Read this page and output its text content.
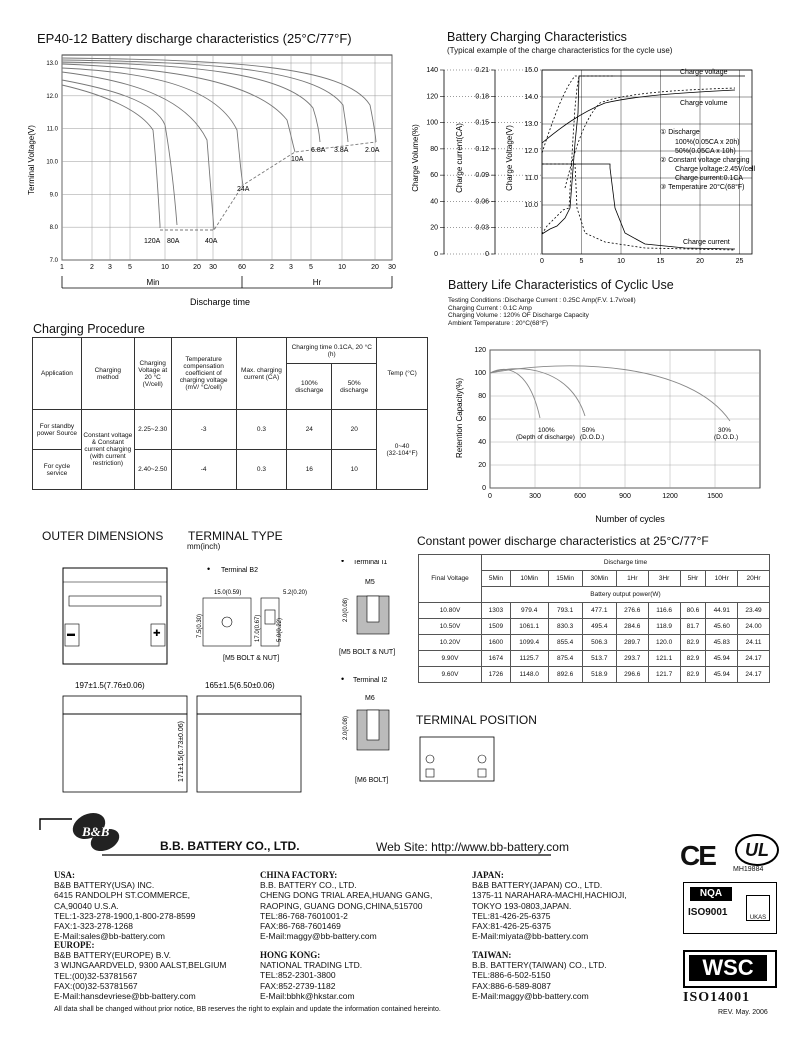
EP40-12 Battery discharge characteristics (25°C/77°F)
Terminal Voltage(V)
13.0
12.0
11.0
10.0
9.0
8.0
7.0
1	2 3 5	10	20 30	60	2 3 5	10	20 30
120A 80A	40A
24A
10A
6.8A 3.8A 2.0A
Min	Hr
Discharge time
Battery Charging Characteristics
(Typical example of the charge characteristics for the cycle use)
Charge Volume(%)	Charge current(CA)	Charge Voltage(V)
140	0.21
120	0.18
100	0.15
80	0.12
60	0.09
40	0.06
20	0.03
0	0
15.0
14.0
13.0
12.0
11.0
10.0
0	5	10	15	20	25
Charge voltage
Charge volume
Charge current
① Discharge
100%(0.05CA x 20h)
50%(0.05CA x 10h)
② Constant voltage charging
Charge voltage:2.45V/cell
Charge current:0.1CA
③ Temperature 20°C(68°F)
Battery Life Characteristics of Cyclic Use
Testing Conditions :Discharge Current : 0.25C Amp(F.V. 1.7v/cell)
Charging Current : 0.1C Amp
Charging Volume : 120% OF Discharge Capacity
Ambient Temperature : 20°C(68°F)
Retention Capacity(%)
120
100
80
60
40
20
0
0	300	600	900	1200	1500
100%
(Depth of discharge)
50%
(D.O.D.)
30%
(D.O.D.)
Number of cycles
Charging Procedure
Application	Charging method	Charging Voltage at 20 °C (V/cell)	Temperature compensation coefficient of charging voltage (mV/ °C/cell)	Max. charging current (CA)	Charging time 0.1CA, 20 °C (h)		Temp (°C)
					100% discharge	50% discharge	
For standby power Source	Constant voltage & Constant current charging (with current restriction)	2.25~2.30	-3	0.3	24	20	0~40
(32-104°F)

For cycle service		2.40~2.50	-4	0.3	16	10	
OUTER DIMENSIONS TERMINAL TYPE
mm(inch)
▬	✚
• Terminal B2
15.0(0.59)	5.2(0.20)
7.5(0.30)	17.0(0.67)	5.0(0.22)
[M5 BOLT & NUT]
• Terminal I1
M5
2.0(0.08)
[M5 BOLT & NUT]
• Terminal I2
M6
2.0(0.08)
[M6 BOLT]
197±1.5(7.76±0.06)	165±1.5(6.50±0.06)
171±1.5(6.73±0.06)
TERMINAL POSITION
Constant power discharge characteristics at 25°C/77°F
Final Voltage	Discharge time								
	5Min	10Min	15Min	30Min	1Hr	3Hr	5Hr	10Hr	20Hr
	Battery output power(W)								
10.80V	1303	979.4	793.1	477.1	276.6	116.6	80.6	44.91	23.49
10.50V	1509	1061.1	830.3	495.4	284.6	118.9	81.7	45.60	24.00
10.20V	1600	1099.4	855.4	506.3	289.7	120.0	82.9	45.83	24.11
9.90V	1674	1125.7	875.4	513.7	293.7	121.1	82.9	45.94	24.17
9.60V	1726	1148.0	892.6	518.9	296.6	121.7	82.9	45.94	24.17
B&B
B.B. BATTERY CO., LTD.	Web Site: http://www.bb-battery.com
USA:
B&B BATTERY(USA) INC.
6415 RANDOLPH ST.COMMERCE,
CA,90040 U.S.A.
TEL:1-323-278-1900,1-800-278-8599
FAX:1-323-278-1268
E-Mail:sales@bb-battery.com
EUROPE:
B&B BATTERY(EUROPE) B.V.
3 WIJNGAARDVELD, 9300 AALST,BELGIUM
TEL:(00)32-53781567
FAX:(00)32-53781567
E-Mail:hansdevriese@bb-battery.com
CHINA FACTORY:
B.B. BATTERY CO., LTD.
CHENG DONG TRIAL AREA,HUANG GANG,
RAOPING, GUANG DONG,CHINA,515700
TEL:86-768-7601001-2
FAX:86-768-7601469
E-Mail:maggy@bb-battery.com
HONG KONG:
NATIONAL TRADING LTD.
TEL:852-2301-3800
FAX:852-2739-1182
E-Mail:bbhk@hkstar.com
JAPAN:
B&B BATTERY(JAPAN) CO., LTD.
1375-11 NARAHARA-MACHI,HACHIOJI,
TOKYO 193-0803,JAPAN.
TEL:81-426-25-6375
FAX:81-426-25-6375
E-Mail:miyata@bb-battery.com
TAIWAN:
B.B. BATTERY(TAIWAN) CO., LTD.
TEL:886-6-502-5150
FAX:886-6-589-8087
E-Mail:maggy@bb-battery.com
CE	UL
MH19884
NQA
ISO9001	UKAS
WSC
ISO14001
All data shall be changed without prior notice, BB reserves the right to explain and update the information contained hereinto.	REV. May. 2006
